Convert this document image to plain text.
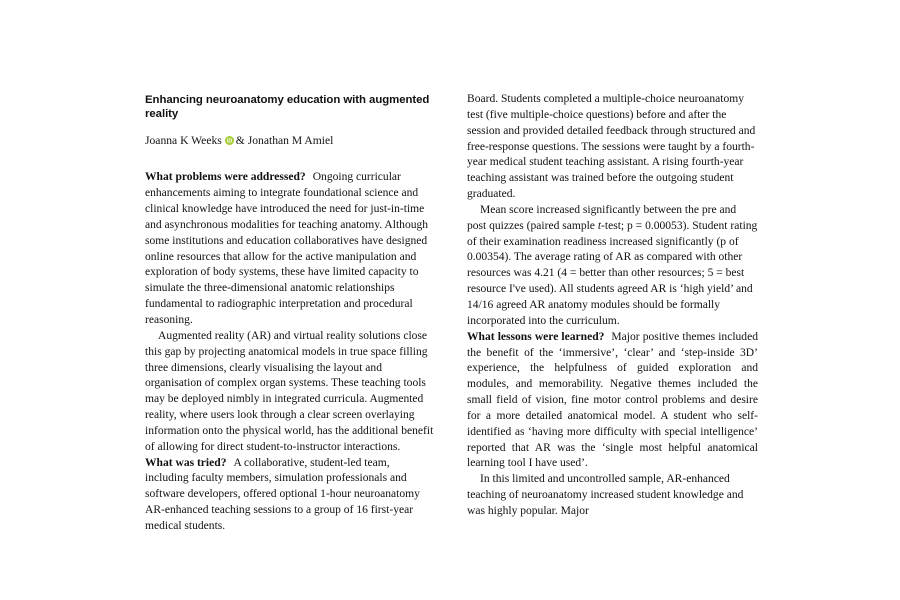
Enhancing neuroanatomy education with augmented reality
Joanna K Weeks iD & Jonathan M Amiel

What problems were addressed? Ongoing curricular enhancements aiming to integrate foundational science and clinical knowledge have introduced the need for just-in-time and asynchronous modalities for teaching anatomy. Although some institutions and education collaboratives have designed online resources that allow for the active manipulation and exploration of body systems, these have limited capacity to simulate the three-dimensional anatomic relationships fundamental to radiographic interpretation and procedural reasoning.

Augmented reality (AR) and virtual reality solutions close this gap by projecting anatomical models in true space filling three dimensions, clearly visualising the layout and organisation of complex organ systems. These teaching tools may be deployed nimbly in integrated curricula. Augmented reality, where users look through a clear screen overlaying information onto the physical world, has the additional benefit of allowing for direct student-to-instructor interactions.

What was tried? A collaborative, student-led team, including faculty members, simulation professionals and software developers, offered optional 1-hour neuroanatomy AR-enhanced teaching sessions to a group of 16 first-year medical students.

Board. Students completed a multiple-choice neuroanatomy test (five multiple-choice questions) before and after the session and provided detailed feedback through structured and free-response questions. The sessions were taught by a fourth-year medical student teaching assistant. A rising fourth-year teaching assistant was trained before the outgoing student graduated.

Mean score increased significantly between the pre and post quizzes (paired sample t-test; p = 0.00053). Student rating of their examination readiness increased significantly (p of 0.00354). The average rating of AR as compared with other resources was 4.21 (4 = better than other resources; 5 = best resource I've used). All students agreed AR is ‘high yield’ and 14/16 agreed AR anatomy modules should be formally incorporated into the curriculum.

What lessons were learned? Major positive themes included the benefit of the ‘immersive’, ‘clear’ and ‘step-inside 3D’ experience, the helpfulness of guided exploration and modules, and memorability. Negative themes included the small field of vision, fine motor control problems and desire for a more detailed anatomical model. A student who self-identified as ‘having more difficulty with special intelligence’ reported that AR was the ‘single most helpful anatomical learning tool I have used’.

In this limited and uncontrolled sample, AR-enhanced teaching of neuroanatomy increased student knowledge and was highly popular. Major
